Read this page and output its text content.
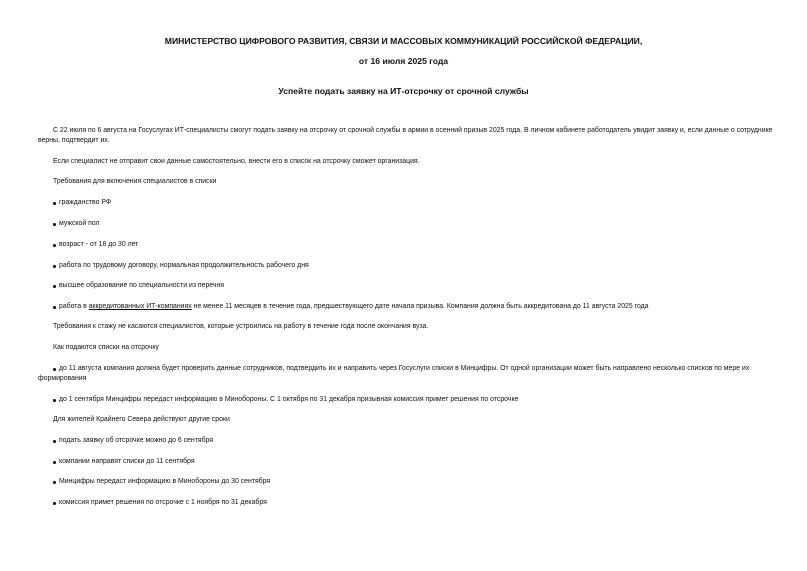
МИНИСТЕРСТВО ЦИФРОВОГО РАЗВИТИЯ, СВЯЗИ И МАССОВЫХ КОММУНИКАЦИЙ РОССИЙСКОЙ ФЕДЕРАЦИИ,
от 16 июля 2025 года
Успейте подать заявку на ИТ-отсрочку от срочной службы
С 22 июля по 6 августа на Госуслугах ИТ-специалисты смогут подать заявку на отсрочку от срочной службы в армии в осенний призыв 2025 года. В личном кабинете работодатель увидит заявку и, если данные о сотруднике верны, подтвердит их.
Если специалист не отправит свои данные самостоятельно, внести его в список на отсрочку сможет организация.
Требования для включения специалистов в списки
гражданство РФ
мужской пол
возраст - от 18 до 30 лет
работа по трудовому договору, нормальная продолжительность рабочего дня
высшее образование по специальности из перечня
работа в аккредитованных ИТ-компаниях не менее 11 месяцев в течение года, предшествующего дате начала призыва. Компания должна быть аккредитована до 11 августа 2025 года
Требования к стажу не касаются специалистов, которые устроились на работу в течение года после окончания вуза.
Как подаются списки на отсрочку
до 11 августа компания должна будет проверить данные сотрудников, подтвердить их и направить через Госуслуги списки в Минцифры. От одной организации может быть направлено несколько списков по мере их формирования
до 1 сентября Минцифры передаст информацию в Минобороны. С 1 октября по 31 декабря призывная комиссия примет решения по отсрочке
Для жителей Крайнего Севера действуют другие сроки
подать заявку об отсрочке можно до 6 сентября
компании направят списки до 11 сентября
Минцифры передаст информацию в Минобороны до 30 сентября
комиссия примет решения по отсрочке с 1 ноября по 31 декабря
